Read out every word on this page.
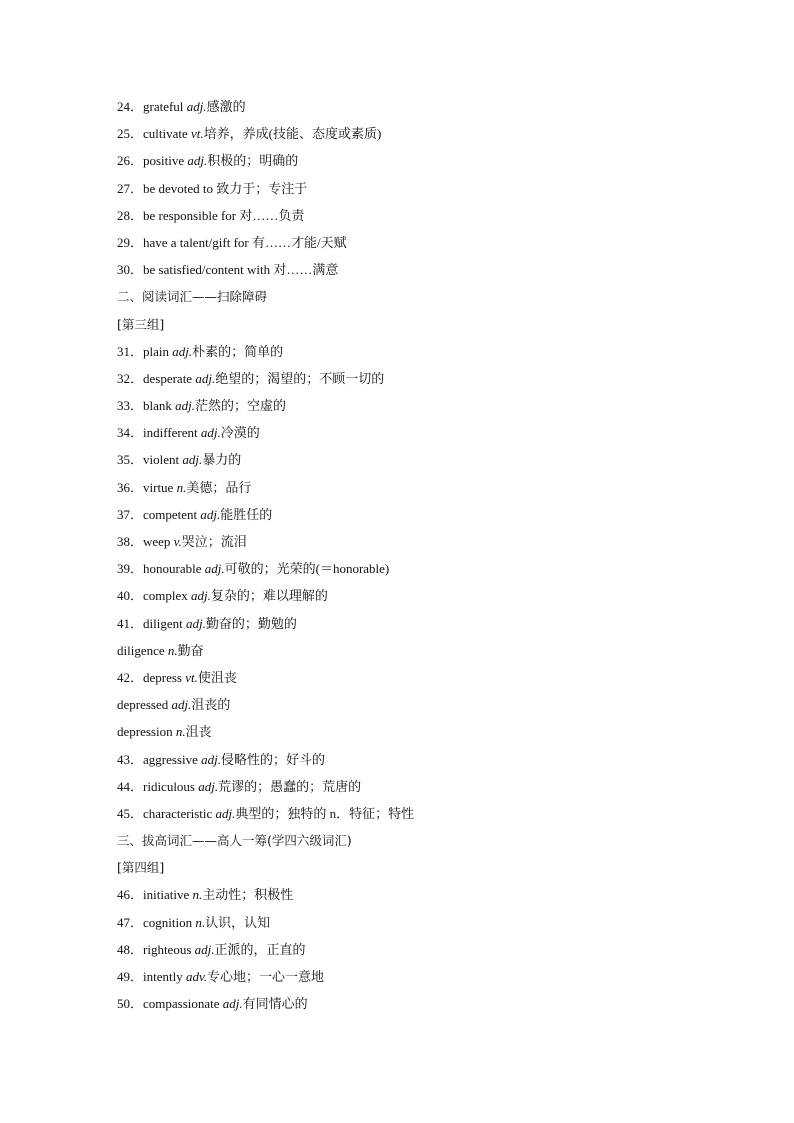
24．grateful adj.感激的
25．cultivate vt.培养，养成(技能、态度或素质)
26．positive adj.积极的；明确的
27．be devoted to 致力于；专注于
28．be responsible for 对……负责
29．have a talent/gift for 有……才能/天赋
30．be satisfied/content with 对……满意
二、阅读词汇——扫除障碍
[第三组]
31．plain adj.朴素的；简单的
32．desperate adj.绝望的；渴望的；不顾一切的
33．blank adj.茫然的；空虚的
34．indifferent adj.冷漠的
35．violent adj.暴力的
36．virtue n.美德；品行
37．competent adj.能胜任的
38．weep v.哭泣；流泪
39．honourable adj.可敬的；光荣的(＝honorable)
40．complex adj.复杂的；难以理解的
41．diligent adj.勤奋的；勤勉的
diligence n.勤奋
42．depress vt.使沮丧
depressed adj.沮丧的
depression n.沮丧
43．aggressive adj.侵略性的；好斗的
44．ridiculous adj.荒谬的；愚蠢的；荒唐的
45．characteristic adj.典型的；独特的 n．特征；特性
三、拔高词汇——高人一筹(学四六级词汇)
[第四组]
46．initiative n.主动性；积极性
47．cognition n.认识，认知
48．righteous adj.正派的，正直的
49．intently adv.专心地；一心一意地
50．compassionate adj.有同情心的
